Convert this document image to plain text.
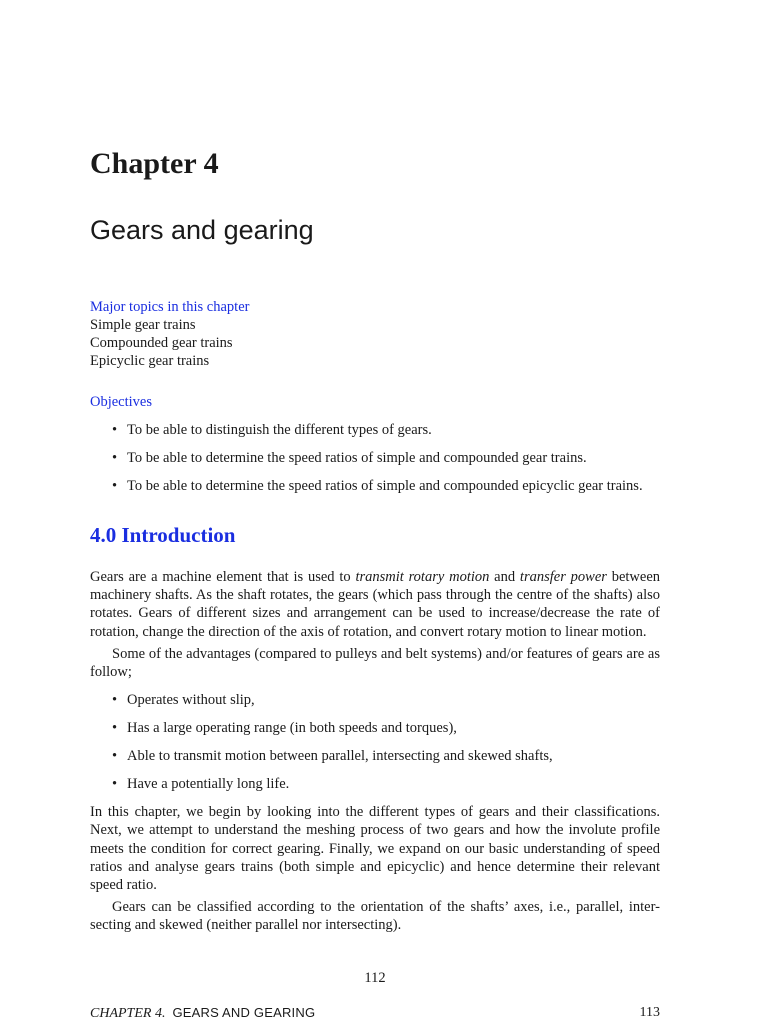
Chapter 4
Gears and gearing
Major topics in this chapter
Simple gear trains
Compounded gear trains
Epicyclic gear trains
Objectives
• To be able to distinguish the different types of gears.
• To be able to determine the speed ratios of simple and compounded gear trains.
• To be able to determine the speed ratios of simple and compounded epicyclic gear trains.
4.0 Introduction

Gears are a machine element that is used to transmit rotary motion and transfer power between machinery shafts. As the shaft rotates, the gears (which pass through the centre of the shafts) also rotates. Gears of different sizes and arrangement can be used to increase/decrease the rate of rotation, change the direction of the axis of rotation, and convert rotary motion to linear motion.

Some of the advantages (compared to pulleys and belt systems) and/or features of gears are as follow;

• Operates without slip,
• Has a large operating range (in both speeds and torques),
• Able to transmit motion between parallel, intersecting and skewed shafts,
• Have a potentially long life.

In this chapter, we begin by looking into the different types of gears and their classifications. Next, we attempt to understand the meshing process of two gears and how the involute profile meets the condition for correct gearing. Finally, we expand on our basic understanding of speed ratios and analyse gears trains (both simple and epicyclic) and hence determine their relevant speed ratio.

Gears can be classified according to the orientation of the shafts’ axes, i.e., parallel, inter-secting and skewed (neither parallel nor intersecting).

112
CHAPTER 4. GEARS AND GEARING	113
